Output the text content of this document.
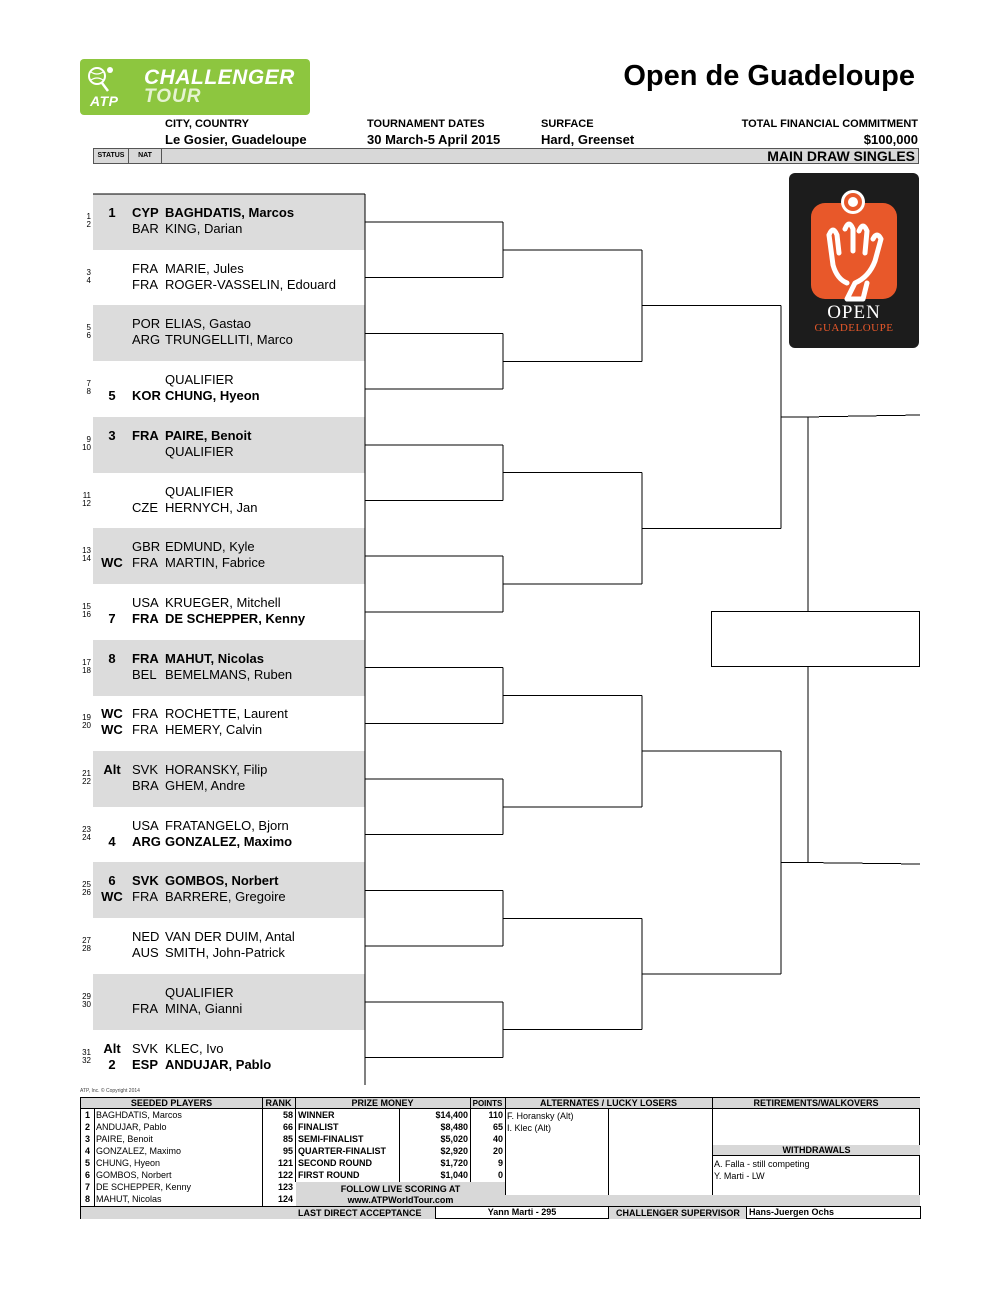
ATP
CHALLENGER
TOUR
Open de Guadeloupe
CITY, COUNTRY
Le Gosier, Guadeloupe
TOURNAMENT DATES
30 March-5 April 2015
SURFACE
Hard, Greenset
TOTAL FINANCIAL COMMITMENT
$100,000
STATUS	NAT	MAIN DRAW SINGLES
1	1	CYP BAGHDATIS, Marcos
2	BAR KING, Darian
3	FRA MARIE, Jules
4	FRA ROGER-VASSELIN, Edouard
5	POR ELIAS, Gastao
6	ARG TRUNGELLITI, Marco
7	QUALIFIER
8	5	KOR CHUNG, Hyeon
9	3	FRA PAIRE, Benoit
10	QUALIFIER
11	QUALIFIER
12	CZE HERNYCH, Jan
13	GBR EDMUND, Kyle
14 WC FRA MARTIN, Fabrice
15	USA KRUEGER, Mitchell
16	7	FRA DE SCHEPPER, Kenny
17	8	FRA MAHUT, Nicolas
18	BEL BEMELMANS, Ruben
19 WC FRA ROCHETTE, Laurent
20 WC FRA HEMERY, Calvin
21 Alt SVK HORANSKY, Filip
22	BRA GHEM, Andre
23	USA FRATANGELO, Bjorn
24	4	ARG GONZALEZ, Maximo
25	6	SVK GOMBOS, Norbert
26 WC FRA BARRERE, Gregoire
27	NED VAN DER DUIM, Antal
28	AUS SMITH, John-Patrick
29	QUALIFIER
30	FRA MINA, Gianni
31 Alt SVK KLEC, Ivo
32	2	ESP ANDUJAR, Pablo
OPEN
GUADELOUPE
ATP, Inc. © Copyright 2014
SEEDED PLAYERS	RANK	PRIZE MONEY	POINTS	ALTERNATES / LUCKY LOSERS	RETIREMENTS/WALKOVERS
WITHDRAWALS
1 BAGHDATIS, Marcos	58
2 ANDUJAR, Pablo	66
3 PAIRE, Benoit	85
4 GONZALEZ, Maximo	95
5 CHUNG, Hyeon	121
6 GOMBOS, Norbert	122
7 DE SCHEPPER, Kenny	123
8 MAHUT, Nicolas	124
WINNER	$14,400	110
FINALIST	$8,480	65
SEMI-FINALIST	$5,020	40
QUARTER-FINALIST	$2,920	20
SECOND ROUND	$1,720	9
FIRST ROUND	$1,040	0
FOLLOW LIVE SCORING AT
www.ATPWorldTour.com
F. Horansky (Alt)
I. Klec (Alt)
A. Falla - still competing
Y. Marti - LW
LAST DIRECT ACCEPTANCE	Yann Marti - 295	CHALLENGER SUPERVISOR	Hans-Juergen Ochs
